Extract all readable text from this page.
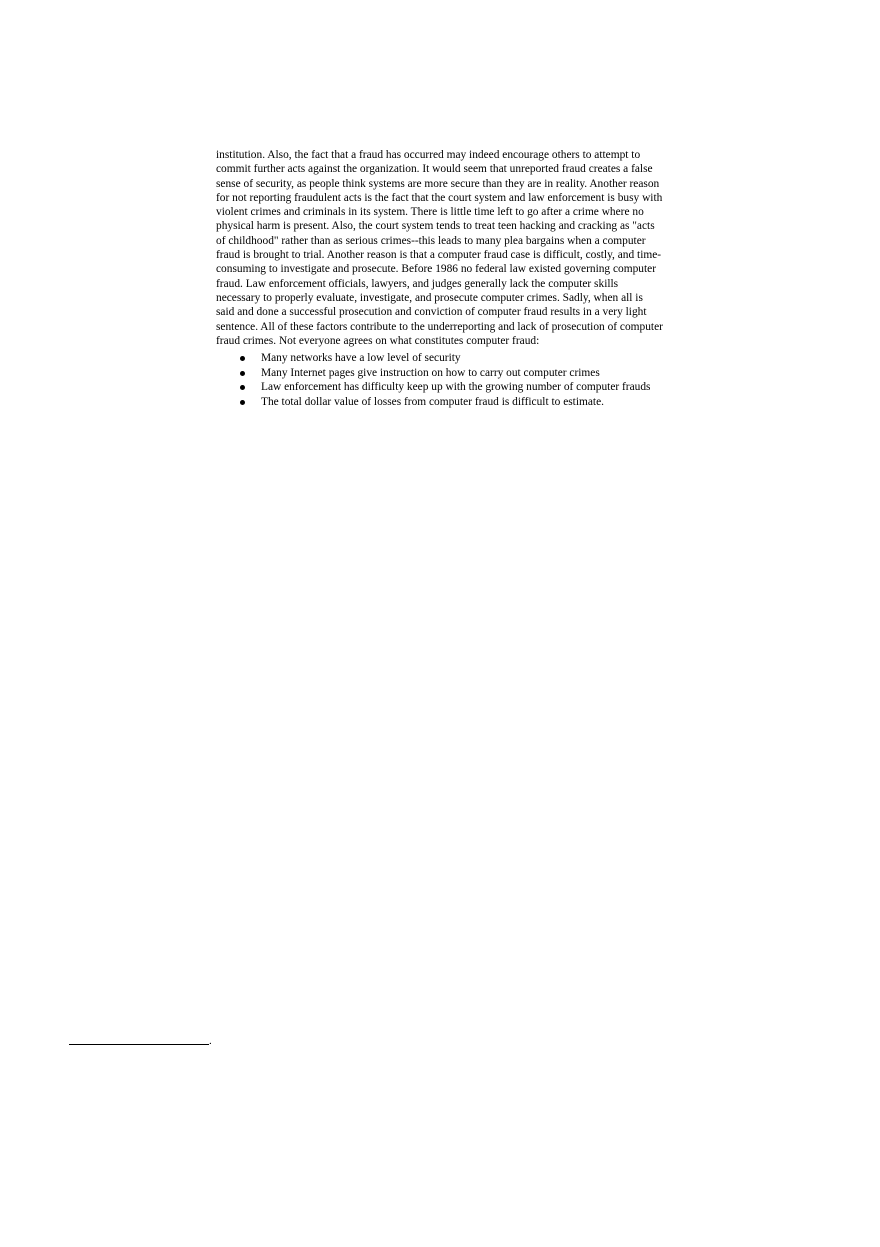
institution. Also, the fact that a fraud has occurred may indeed encourage others to attempt to
commit further acts against the organization. It would seem that unreported fraud creates a false
sense of security, as people think systems are more secure than they are in reality. Another reason
for not reporting fraudulent acts is the fact that the court system and law enforcement is busy with
violent crimes and criminals in its system. There is little time left to go after a crime where no
physical harm is present. Also, the court system tends to treat teen hacking and cracking as "acts
of childhood" rather than as serious crimes--this leads to many plea bargains when a computer
fraud is brought to trial. Another reason is that a computer fraud case is difficult, costly, and time-
consuming to investigate and prosecute. Before 1986 no federal law existed governing computer
fraud. Law enforcement officials, lawyers, and judges generally lack the computer skills
necessary to properly evaluate, investigate, and prosecute computer crimes. Sadly, when all is
said and done a successful prosecution and conviction of computer fraud results in a very light
sentence. All of these factors contribute to the underreporting and lack of prosecution of computer
fraud crimes. Not everyone agrees on what constitutes computer fraud:
Many networks have a low level of security
Many Internet pages give instruction on how to carry out computer crimes
Law enforcement has difficulty keep up with the growing number of computer frauds
The total dollar value of losses from computer fraud is difficult to estimate.
.
